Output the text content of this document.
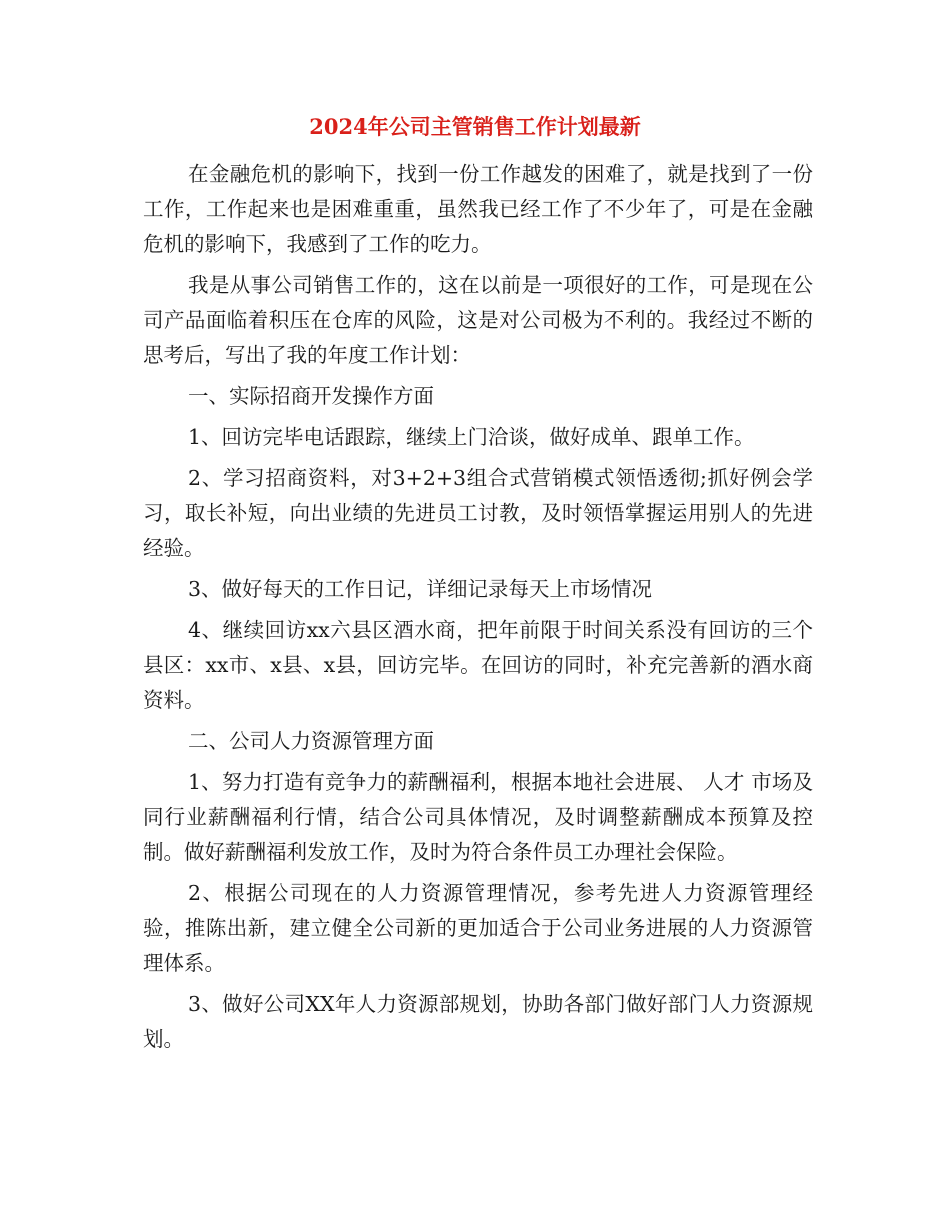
2024年公司主管销售工作计划最新

在金融危机的影响下，找到一份工作越发的困难了，就是找到了一份工作，工作起来也是困难重重，虽然我已经工作了不少年了，可是在金融危机的影响下，我感到了工作的吃力。

我是从事公司销售工作的，这在以前是一项很好的工作，可是现在公司产品面临着积压在仓库的风险，这是对公司极为不利的。我经过不断的思考后，写出了我的年度工作计划：

一、实际招商开发操作方面

1、回访完毕电话跟踪，继续上门洽谈，做好成单、跟单工作。

2、学习招商资料，对3+2+3组合式营销模式领悟透彻;抓好例会学习，取长补短，向出业绩的先进员工讨教，及时领悟掌握运用别人的先进经验。

3、做好每天的工作日记，详细记录每天上市场情况

4、继续回访xx六县区酒水商，把年前限于时间关系没有回访的三个县区：xx市、x县、x县，回访完毕。在回访的同时，补充完善新的酒水商资料。

二、公司人力资源管理方面

1、努力打造有竞争力的薪酬福利，根据本地社会进展、 人才 市场及同行业薪酬福利行情，结合公司具体情况，及时调整薪酬成本预算及控制。做好薪酬福利发放工作，及时为符合条件员工办理社会保险。

2、根据公司现在的人力资源管理情况，参考先进人力资源管理经验，推陈出新，建立健全公司新的更加适合于公司业务进展的人力资源管理体系。

3、做好公司XX年人力资源部规划，协助各部门做好部门人力资源规划。
